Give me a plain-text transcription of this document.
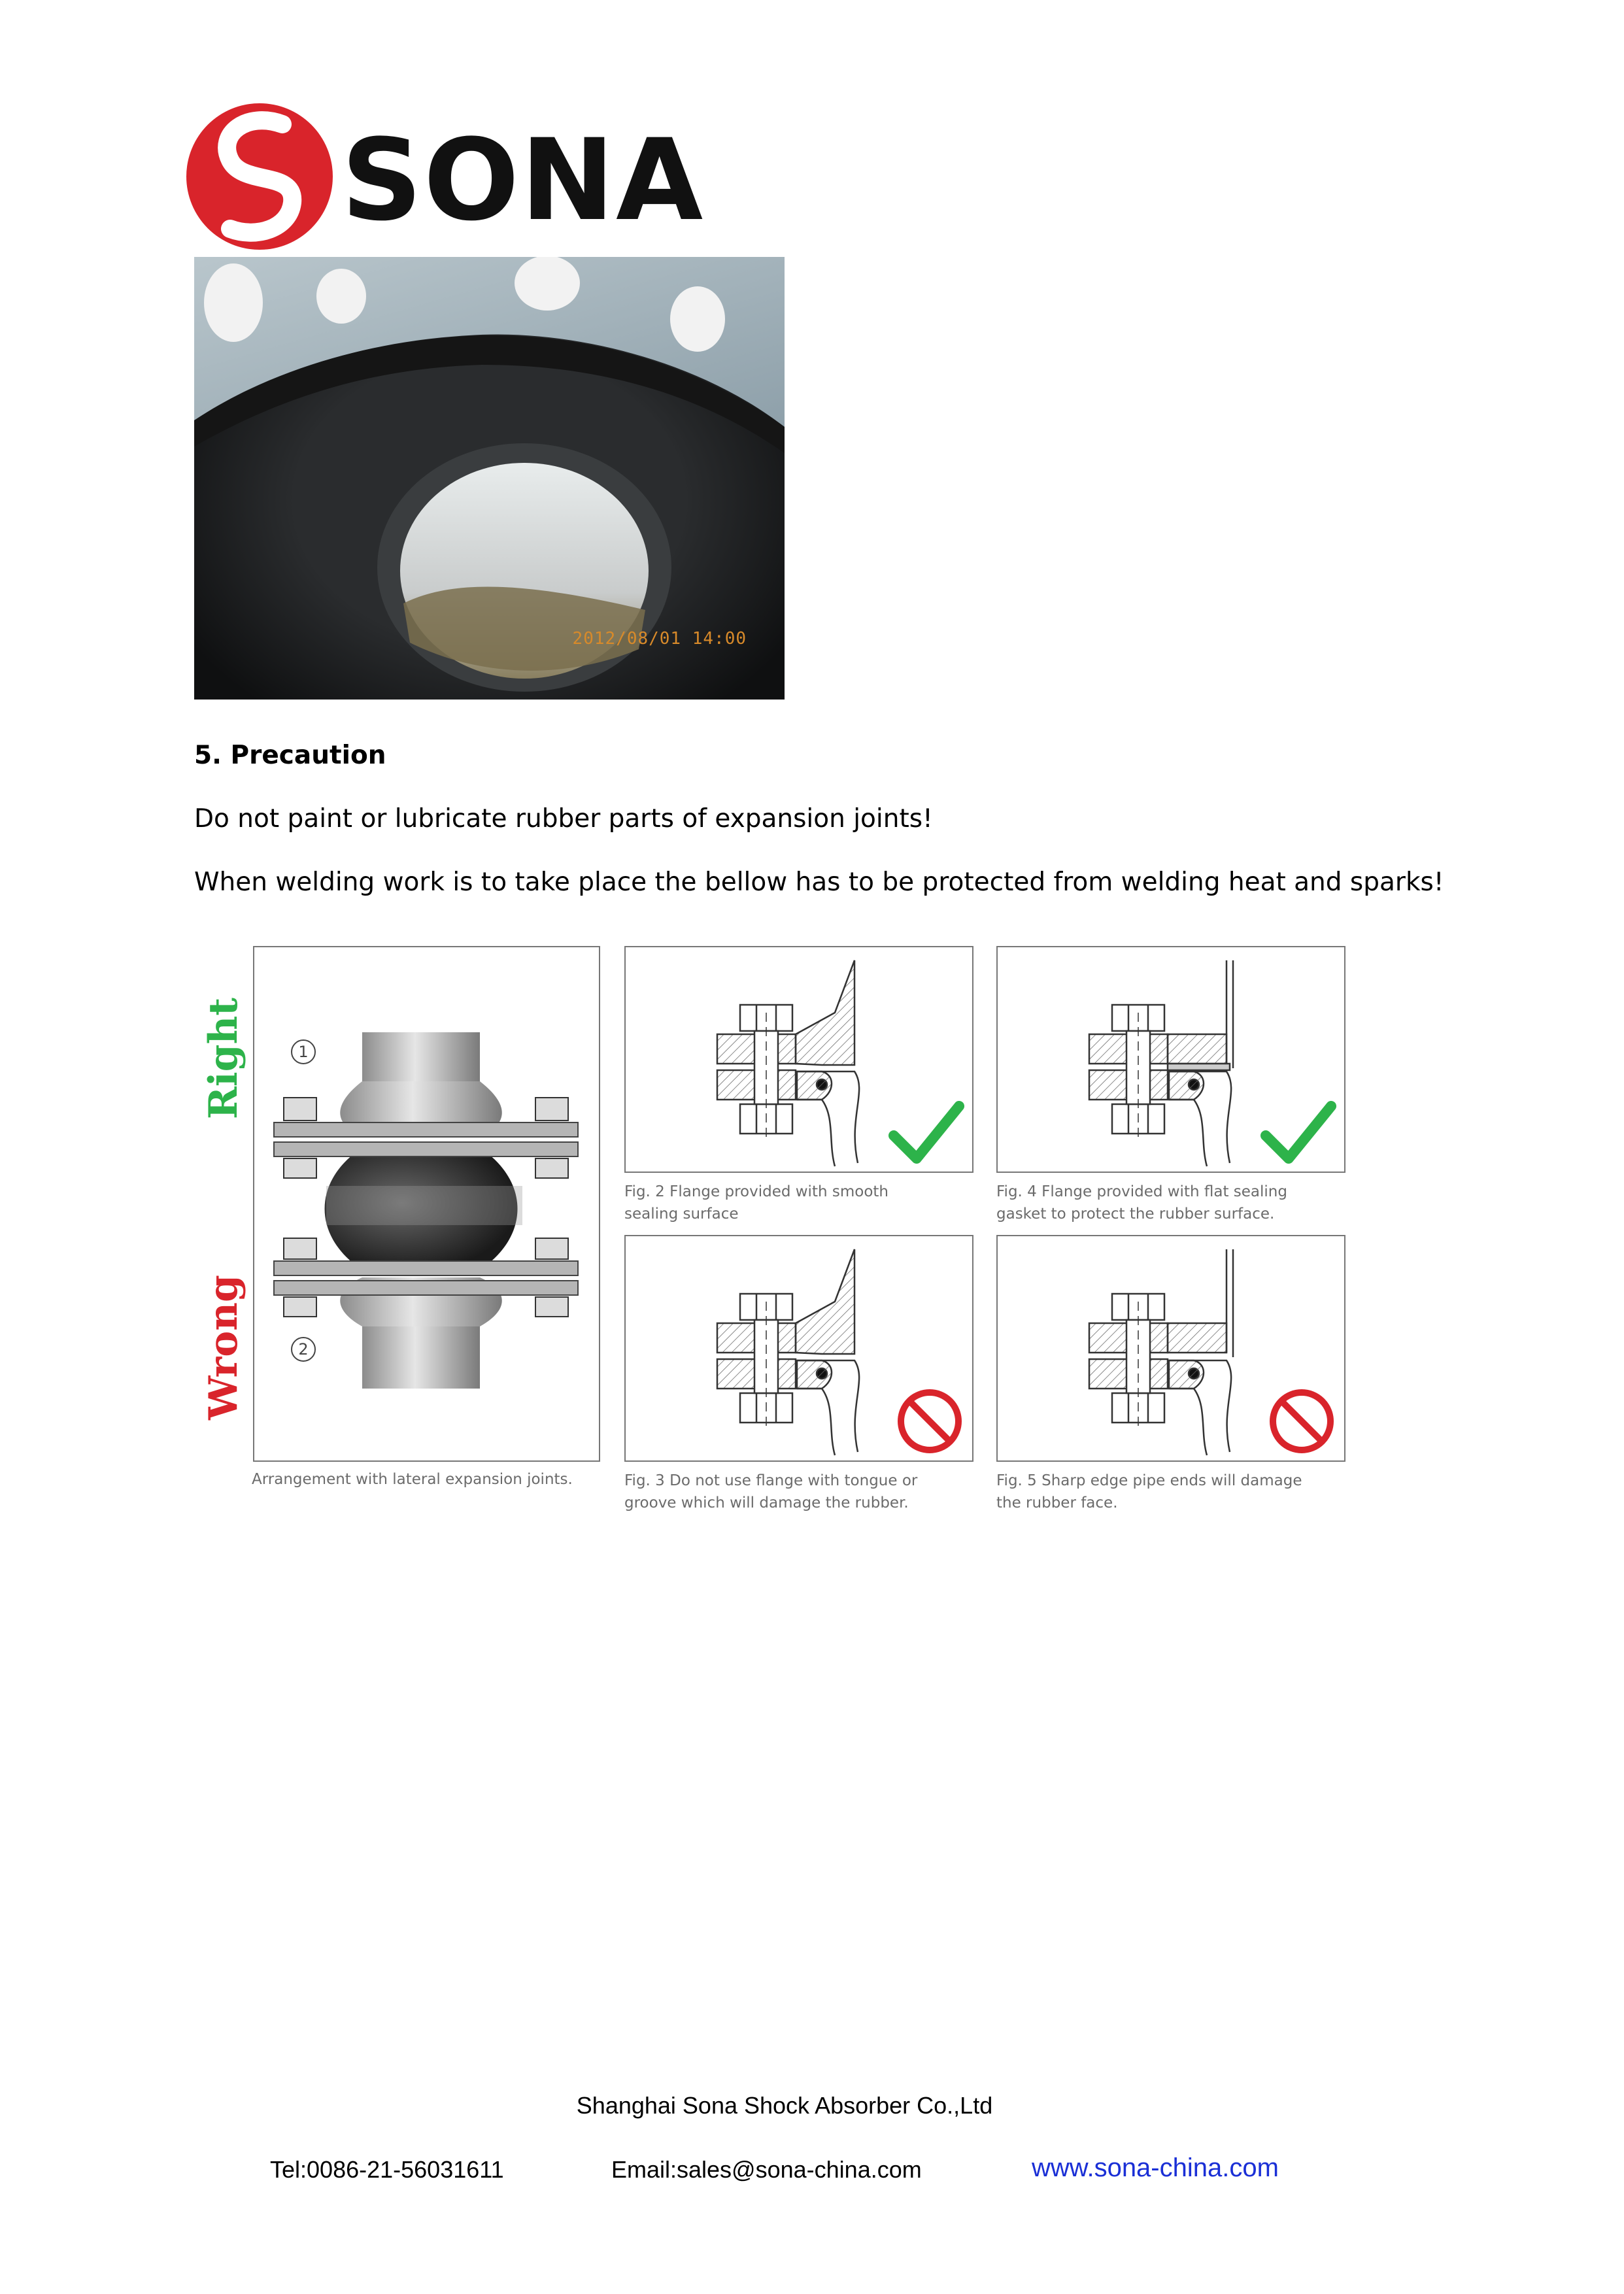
SONA
2012/08/01 14:00
5. Precaution
Do not paint or lubricate rubber parts of expansion joints!
When welding work is to take place the bellow has to be protected from welding heat and sparks!
Right
Wrong
1
2
Arrangement with lateral expansion joints.
Fig. 2 Flange provided with smooth
sealing surface
Fig. 4 Flange provided with flat sealing
gasket to protect the rubber surface.
Fig. 3 Do not use flange with tongue or
groove which will damage the rubber.
Fig. 5 Sharp edge pipe ends will damage
the rubber face.
Shanghai Sona Shock Absorber Co.,Ltd
Tel:0086-21-56031611	Email:sales@sona-china.com	www.sona-china.com
